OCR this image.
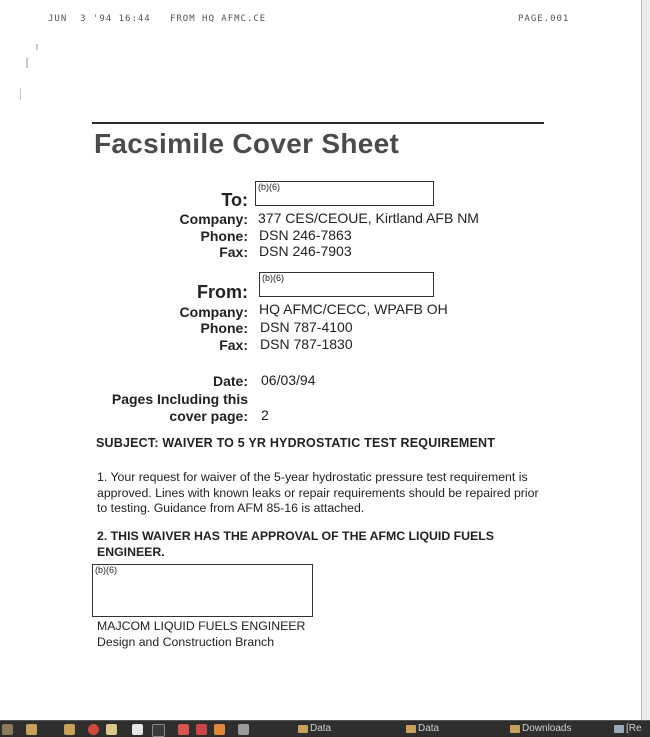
JUN  3 '94 16:44   FROM HQ AFMC.CE	PAGE.001
Facsimile Cover Sheet
To:
(b)(6)
Company: 377 CES/CEOUE, Kirtland AFB NM
Phone: DSN 246-7863
Fax: DSN 246-7903
From:
(b)(6)
Company: HQ AFMC/CECC, WPAFB OH
Phone: DSN 787-4100
Fax: DSN 787-1830
Date: 06/03/94
Pages Including this
cover page: 2
SUBJECT: WAIVER TO 5 YR HYDROSTATIC TEST REQUIREMENT
1. Your request for waiver of the 5-year hydrostatic pressure test requirement is approved. Lines with known leaks or repair requirements should be repaired prior to testing. Guidance from AFM 85-16 is attached.
2. THIS WAIVER HAS THE APPROVAL OF THE AFMC LIQUID FUELS ENGINEER.
(b)(6)
MAJCOM LIQUID FUELS ENGINEER
Design and Construction Branch
Data	Data	Downloads	[Re
